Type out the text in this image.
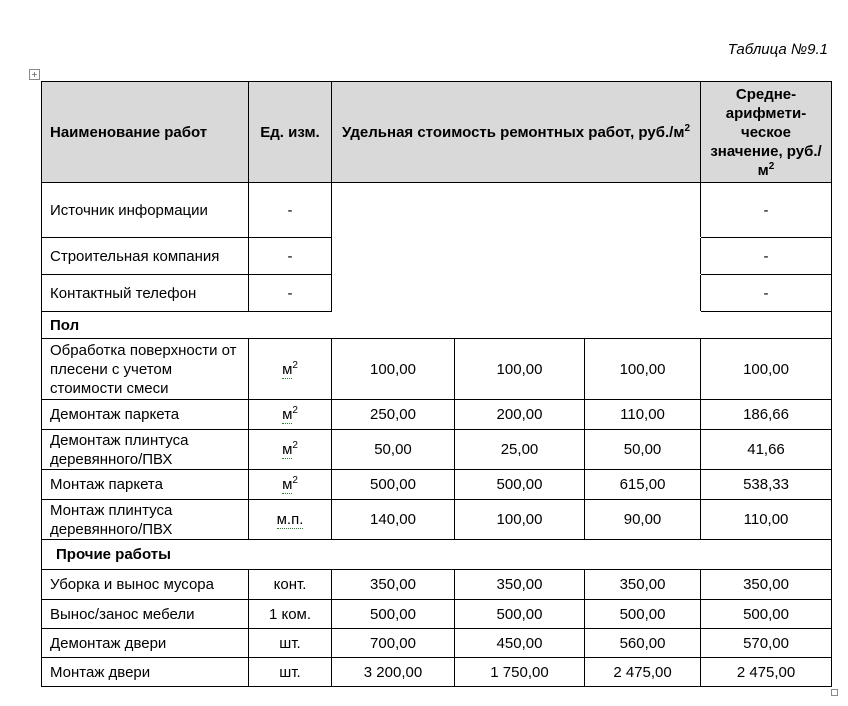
Таблица №9.1
+
Наименование работ	Ед. изм.	Удельная стоимость ремонтных работ, $руб./м^2$			Средне-арифмети-ческое значение, $руб./м^2$
Источник информации	-				-
Строительная компания	-				-
Контактный телефон	-				-
Пол					
Обработка поверхности от плесени с учетом стоимости смеси	$м^2$	100,00	100,00	100,00	100,00
Демонтаж паркета	$м^2$	250,00	200,00	110,00	186,66
Демонтаж плинтуса деревянного/ПВХ	$м^2$	50,00	25,00	50,00	41,66
Монтаж паркета	$м^2$	500,00	500,00	615,00	538,33
Монтаж плинтуса деревянного/ПВХ	м.п.	140,00	100,00	90,00	110,00
Прочие работы					
Уборка и вынос мусора	конт.	350,00	350,00	350,00	350,00
Вынос/занос мебели	1 ком.	500,00	500,00	500,00	500,00
Демонтаж двери	шт.	700,00	450,00	560,00	570,00
Монтаж двери	шт.	3 200,00	1 750,00	2 475,00	2 475,00
